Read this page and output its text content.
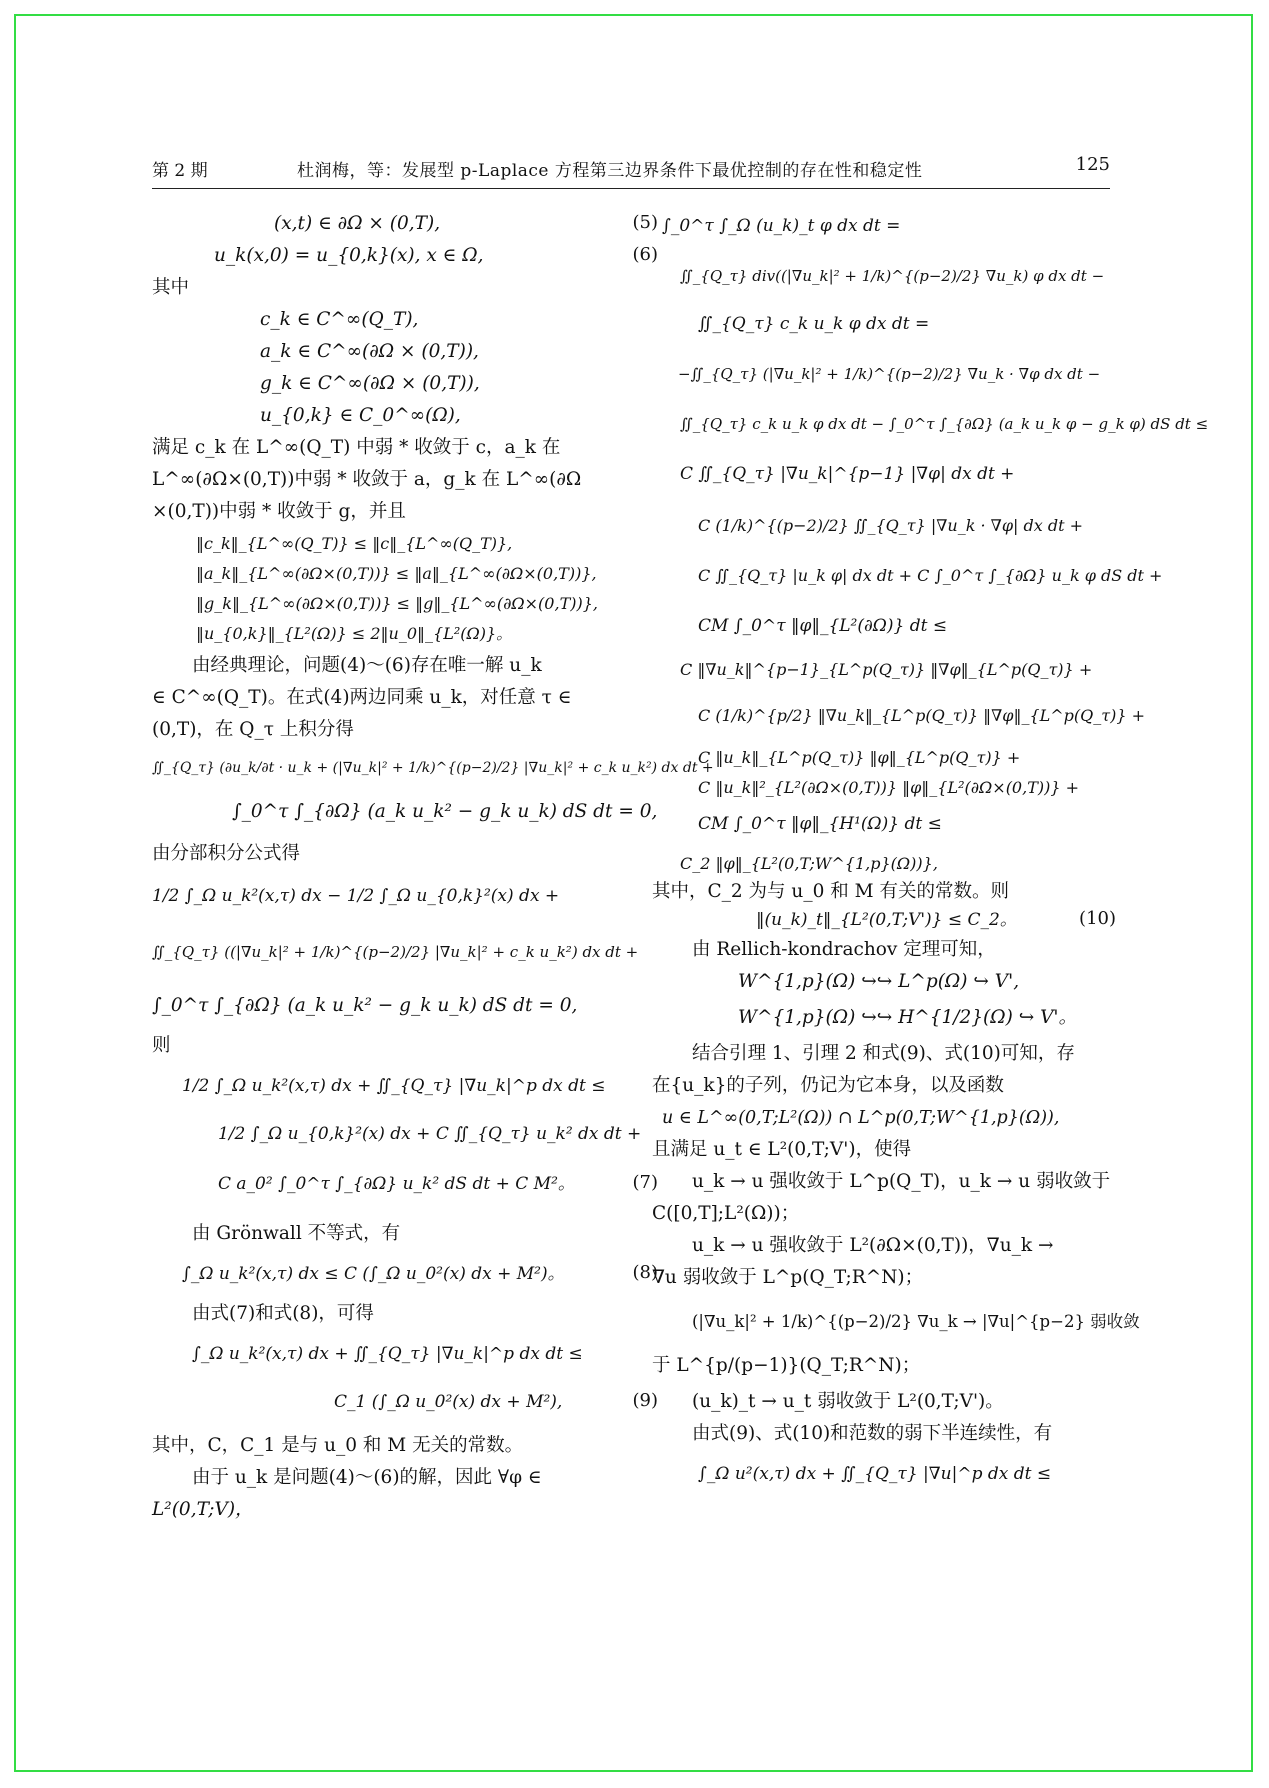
第 2 期	杜润梅，等：发展型 p-Laplace 方程第三边界条件下最优控制的存在性和稳定性	125
(x,t) ∈ ∂Ω × (0,T),	(5)
u_k(x,0) = u_{0,k}(x), x ∈ Ω,	(6)
其中
c_k ∈ C^∞(Q_T),
a_k ∈ C^∞(∂Ω × (0,T)),
g_k ∈ C^∞(∂Ω × (0,T)),
u_{0,k} ∈ C_0^∞(Ω),
满足 c_k 在 L^∞(Q_T) 中弱 * 收敛于 c，a_k 在
L^∞(∂Ω×(0,T))中弱 * 收敛于 a，g_k 在 L^∞(∂Ω
×(0,T))中弱 * 收敛于 g，并且
‖c_k‖_{L^∞(Q_T)} ≤ ‖c‖_{L^∞(Q_T)},
‖a_k‖_{L^∞(∂Ω×(0,T))} ≤ ‖a‖_{L^∞(∂Ω×(0,T))},
‖g_k‖_{L^∞(∂Ω×(0,T))} ≤ ‖g‖_{L^∞(∂Ω×(0,T))},
‖u_{0,k}‖_{L²(Ω)} ≤ 2‖u_0‖_{L²(Ω)}。
由经典理论，问题(4)～(6)存在唯一解 u_k
∈ C^∞(Q_T)。在式(4)两边同乘 u_k，对任意 τ ∈
(0,T)，在 Q_τ 上积分得
∬_{Q_τ} (∂u_k/∂t · u_k + (|∇u_k|² + 1/k)^{(p−2)/2} |∇u_k|² + c_k u_k²) dx dt +
∫_0^τ ∫_{∂Ω} (a_k u_k² − g_k u_k) dS dt = 0,
由分部积分公式得
1/2 ∫_Ω u_k²(x,τ) dx − 1/2 ∫_Ω u_{0,k}²(x) dx +
∬_{Q_τ} ((|∇u_k|² + 1/k)^{(p−2)/2} |∇u_k|² + c_k u_k²) dx dt +
∫_0^τ ∫_{∂Ω} (a_k u_k² − g_k u_k) dS dt = 0,
则
1/2 ∫_Ω u_k²(x,τ) dx + ∬_{Q_τ} |∇u_k|^p dx dt ≤
1/2 ∫_Ω u_{0,k}²(x) dx + C ∬_{Q_τ} u_k² dx dt +
C a_0² ∫_0^τ ∫_{∂Ω} u_k² dS dt + C M²。	(7)
由 Grönwall 不等式，有
∫_Ω u_k²(x,τ) dx ≤ C (∫_Ω u_0²(x) dx + M²)。	(8)
由式(7)和式(8)，可得
∫_Ω u_k²(x,τ) dx + ∬_{Q_τ} |∇u_k|^p dx dt ≤
C_1 (∫_Ω u_0²(x) dx + M²),	(9)
其中，C，C_1 是与 u_0 和 M 无关的常数。
由于 u_k 是问题(4)～(6)的解，因此 ∀φ ∈
L²(0,T;V)，
∫_0^τ ∫_Ω (u_k)_t φ dx dt =
∬_{Q_τ} div((|∇u_k|² + 1/k)^{(p−2)/2} ∇u_k) φ dx dt −
∬_{Q_τ} c_k u_k φ dx dt =
−∬_{Q_τ} (|∇u_k|² + 1/k)^{(p−2)/2} ∇u_k · ∇φ dx dt −
∬_{Q_τ} c_k u_k φ dx dt − ∫_0^τ ∫_{∂Ω} (a_k u_k φ − g_k φ) dS dt ≤
C ∬_{Q_τ} |∇u_k|^{p−1} |∇φ| dx dt +
C (1/k)^{(p−2)/2} ∬_{Q_τ} |∇u_k · ∇φ| dx dt +
C ∬_{Q_τ} |u_k φ| dx dt + C ∫_0^τ ∫_{∂Ω} u_k φ dS dt +
CM ∫_0^τ ‖φ‖_{L²(∂Ω)} dt ≤
C ‖∇u_k‖^{p−1}_{L^p(Q_τ)} ‖∇φ‖_{L^p(Q_τ)} +
C (1/k)^{p/2} ‖∇u_k‖_{L^p(Q_τ)} ‖∇φ‖_{L^p(Q_τ)} +
C ‖u_k‖_{L^p(Q_τ)} ‖φ‖_{L^p(Q_τ)} +
C ‖u_k‖²_{L²(∂Ω×(0,T))} ‖φ‖_{L²(∂Ω×(0,T))} +
CM ∫_0^τ ‖φ‖_{H¹(Ω)} dt ≤
C_2 ‖φ‖_{L²(0,T;W^{1,p}(Ω))},
其中，C_2 为与 u_0 和 M 有关的常数。则
‖(u_k)_t‖_{L²(0,T;V')} ≤ C_2。	(10)
由 Rellich-kondrachov 定理可知，
W^{1,p}(Ω) ↪↪ L^p(Ω) ↪ V',
W^{1,p}(Ω) ↪↪ H^{1/2}(Ω) ↪ V'。
结合引理 1、引理 2 和式(9)、式(10)可知，存
在{u_k}的子列，仍记为它本身，以及函数
u ∈ L^∞(0,T;L²(Ω)) ∩ L^p(0,T;W^{1,p}(Ω)),
且满足 u_t ∈ L²(0,T;V')，使得
u_k → u 强收敛于 L^p(Q_T)，u_k → u 弱收敛于
C([0,T];L²(Ω))；
u_k → u 强收敛于 L²(∂Ω×(0,T))，∇u_k →
∇u 弱收敛于 L^p(Q_T;R^N)；
(|∇u_k|² + 1/k)^{(p−2)/2} ∇u_k → |∇u|^{p−2} 弱收敛
于 L^{p/(p−1)}(Q_T;R^N)；
(u_k)_t → u_t 弱收敛于 L²(0,T;V')。
由式(9)、式(10)和范数的弱下半连续性，有
∫_Ω u²(x,τ) dx + ∬_{Q_τ} |∇u|^p dx dt ≤
